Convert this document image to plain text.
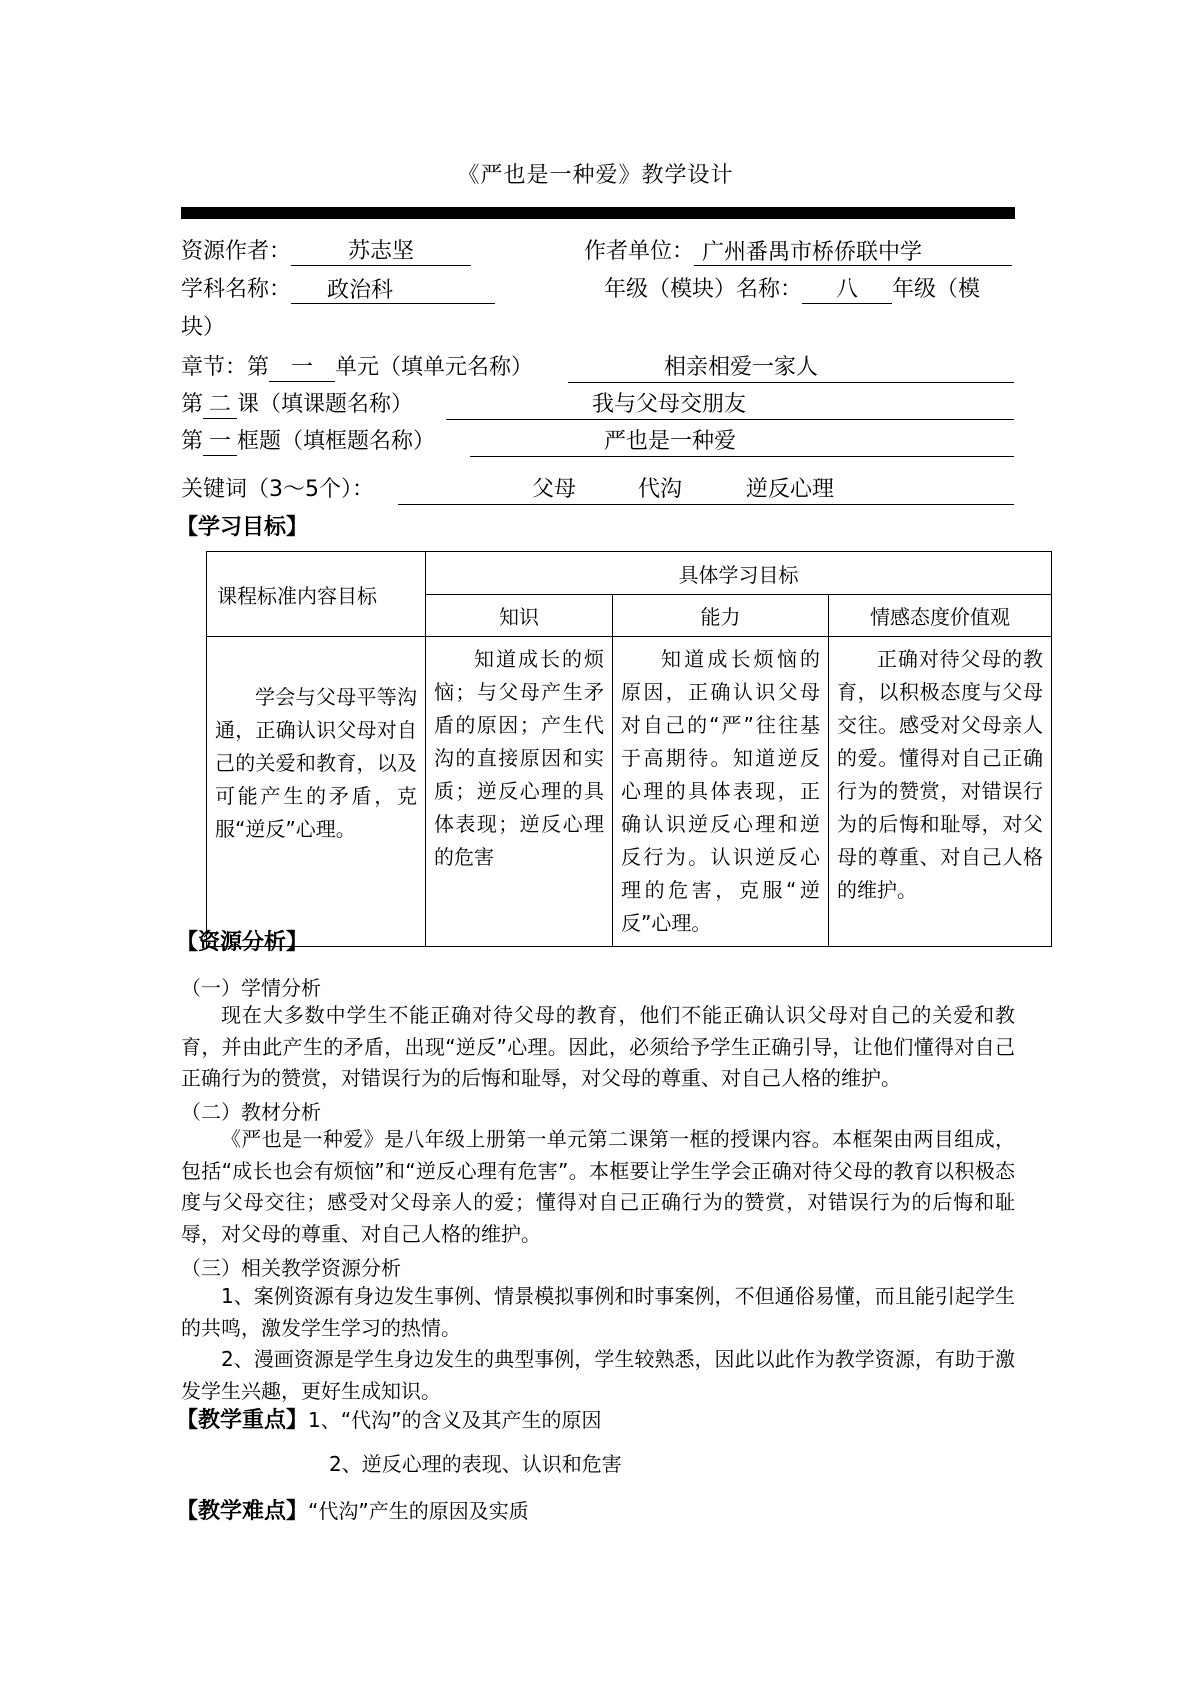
《严也是一种爱》教学设计
资源作者：	苏志坚	作者单位： 广州番禺市桥侨联中学
学科名称： 政治科	年级（模块）名称： 八 年级（模
块）
章节：第 一 单元（填单元名称）	相亲相爱一家人
第 二 课（填课题名称）	我与父母交朋友
第 一 框题（填框题名称）	严也是一种爱
关键词（3～5个）：	父母	代沟	逆反心理
【学习目标】
课程标准内容目标	具体学习目标		
	知识	能力	情感态度价值观

学会与父母平等沟通，正确认识父母对自己的关爱和教育，以及可能产生的矛盾，克服“逆反”心理。	知道成长的烦恼；与父母产生矛盾的原因；产生代沟的直接原因和实质；逆反心理的具体表现；逆反心理的危害	知道成长烦恼的原因，正确认识父母对自己的“严”往往基于高期待。知道逆反心理的具体表现，正确认识逆反心理和逆反行为。认识逆反心理的危害，克服“逆反”心理。	正确对待父母的教育，以积极态度与父母交往。感受对父母亲人的爱。懂得对自己正确行为的赞赏，对错误行为的后悔和耻辱，对父母的尊重、对自己人格的维护。
【资源分析】
（一）学情分析
现在大多数中学生不能正确对待父母的教育，他们不能正确认识父母对自己的关爱和教育，并由此产生的矛盾，出现“逆反”心理。因此，必须给予学生正确引导，让他们懂得对自己正确行为的赞赏，对错误行为的后悔和耻辱，对父母的尊重、对自己人格的维护。
（二）教材分析
《严也是一种爱》是八年级上册第一单元第二课第一框的授课内容。本框架由两目组成，包括“成长也会有烦恼”和“逆反心理有危害”。本框要让学生学会正确对待父母的教育以积极态度与父母交往；感受对父母亲人的爱；懂得对自己正确行为的赞赏，对错误行为的后悔和耻辱，对父母的尊重、对自己人格的维护。
（三）相关教学资源分析
1、案例资源有身边发生事例、情景模拟事例和时事案例，不但通俗易懂，而且能引起学生的共鸣，激发学生学习的热情。
2、漫画资源是学生身边发生的典型事例，学生较熟悉，因此以此作为教学资源，有助于激发学生兴趣，更好生成知识。
【教学重点】1、“代沟”的含义及其产生的原因
2、逆反心理的表现、认识和危害
【教学难点】“代沟”产生的原因及实质
